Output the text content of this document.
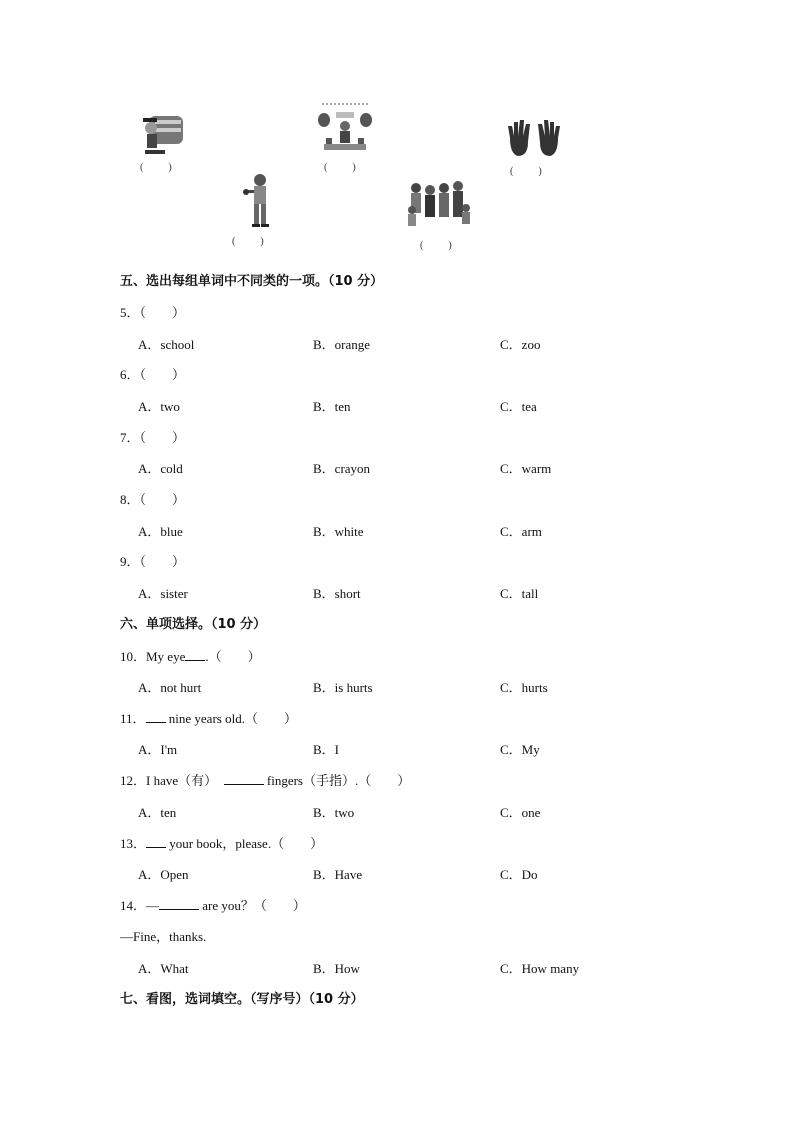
(          )	(          )	(          )
(          )	(          )
五、选出每组单词中不同类的一项。（10 分）
5．（　　）
A．school	B．orange	C．zoo
6．（　　）
A．two	B．ten	C．tea
7．（　　）
A．cold	B．crayon	C．warm
8．（　　）
A．blue	B．white	C．arm
9．（　　）
A．sister	B．short	C．tall
六、单项选择。（10 分）
10．My eye .（　　）
A．not hurt	B．is hurts	C．hurts
11． nine years old.（　　）
A．I'm	B．I	C．My
12．I have（有）	fingers（手指）.（　　）
A．ten	B．two	C．one
13． your book，please.（　　）
A．Open	B．Have	C．Do
14．—	are you？（　　）
—Fine，thanks.
A．What	B．How	C．How many
七、看图，选词填空。（写序号）（10 分）
